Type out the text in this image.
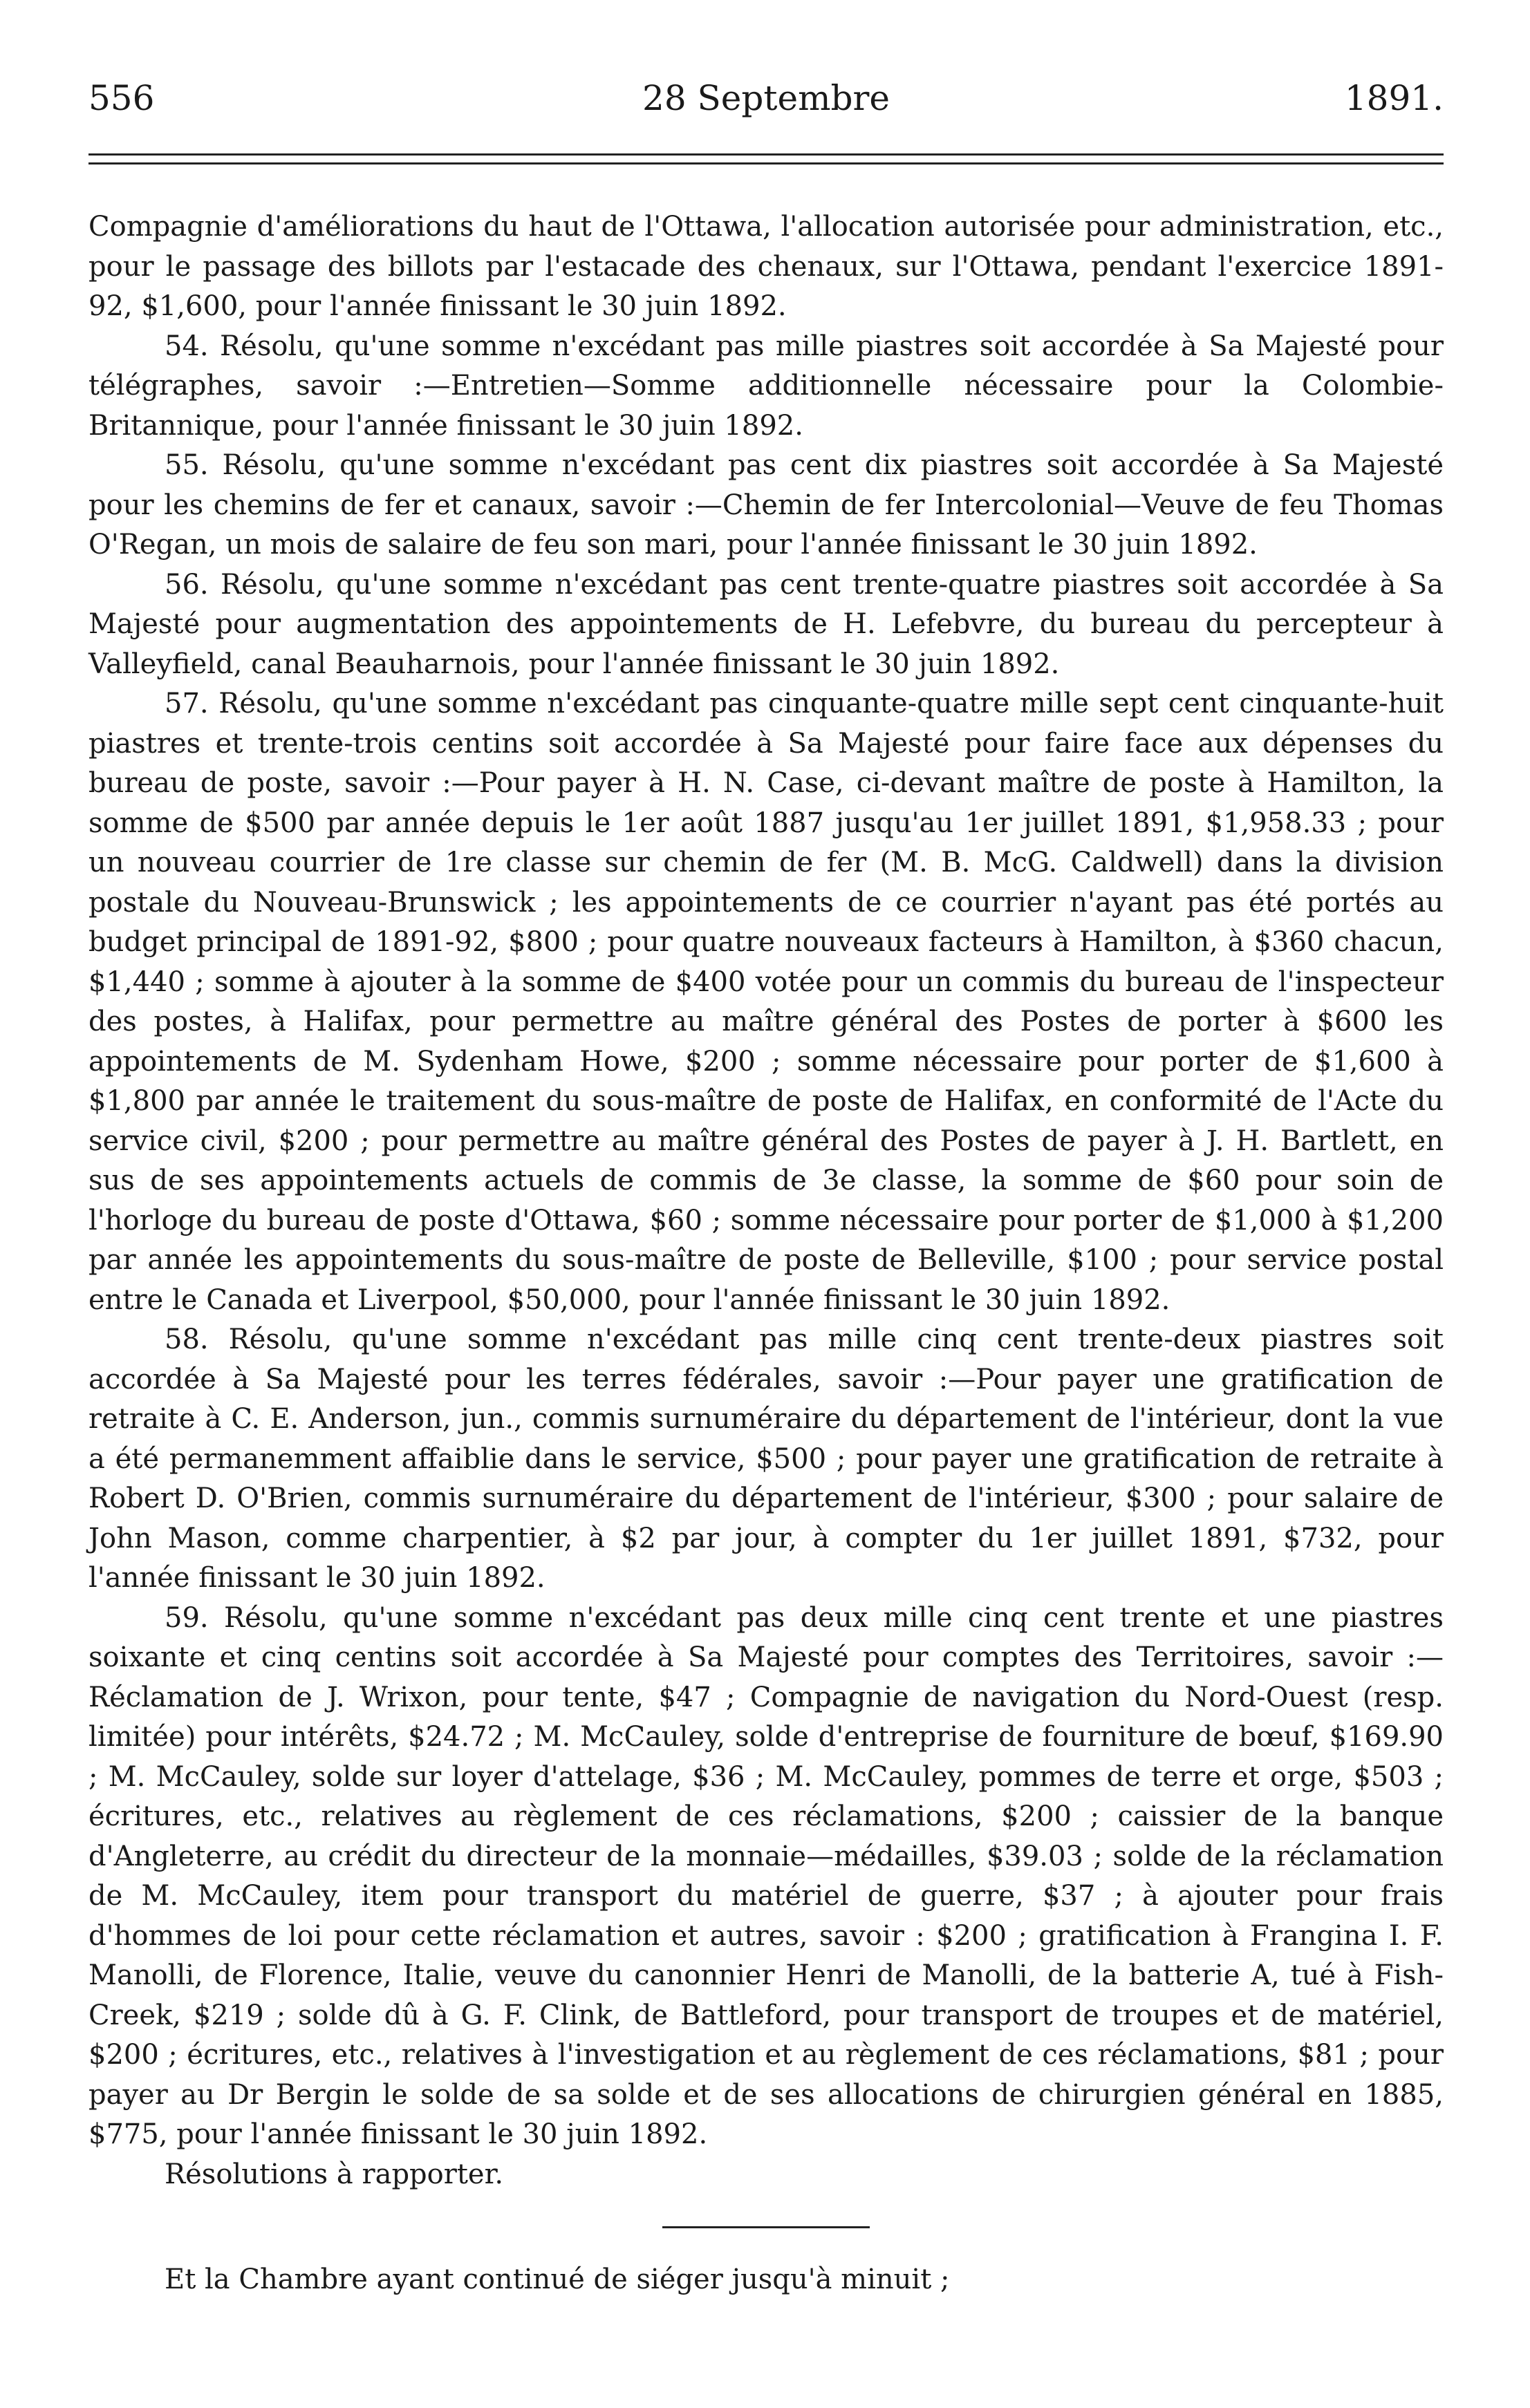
556	28 Septembre	1891.

Compagnie d'améliorations du haut de l'Ottawa, l'allocation autorisée pour administration, etc., pour le passage des billots par l'estacade des chenaux, sur l'Ottawa, pendant l'exercice 1891-92, $1,600, pour l'année finissant le 30 juin 1892.

54. Résolu, qu'une somme n'excédant pas mille piastres soit accordée à Sa Majesté pour télégraphes, savoir :—Entretien—Somme additionnelle nécessaire pour la Colombie-Britannique, pour l'année finissant le 30 juin 1892.

55. Résolu, qu'une somme n'excédant pas cent dix piastres soit accordée à Sa Majesté pour les chemins de fer et canaux, savoir :—Chemin de fer Intercolonial—Veuve de feu Thomas O'Regan, un mois de salaire de feu son mari, pour l'année finissant le 30 juin 1892.

56. Résolu, qu'une somme n'excédant pas cent trente-quatre piastres soit accordée à Sa Majesté pour augmentation des appointements de H. Lefebvre, du bureau du percepteur à Valleyfield, canal Beauharnois, pour l'année finissant le 30 juin 1892.

57. Résolu, qu'une somme n'excédant pas cinquante-quatre mille sept cent cinquante-huit piastres et trente-trois centins soit accordée à Sa Majesté pour faire face aux dépenses du bureau de poste, savoir :—Pour payer à H. N. Case, ci-devant maître de poste à Hamilton, la somme de $500 par année depuis le 1er août 1887 jusqu'au 1er juillet 1891, $1,958.33 ; pour un nouveau courrier de 1re classe sur chemin de fer (M. B. McG. Caldwell) dans la division postale du Nouveau-Brunswick ; les appointements de ce courrier n'ayant pas été portés au budget principal de 1891-92, $800 ; pour quatre nouveaux facteurs à Hamilton, à $360 chacun, $1,440 ; somme à ajouter à la somme de $400 votée pour un commis du bureau de l'inspecteur des postes, à Halifax, pour permettre au maître général des Postes de porter à $600 les appointements de M. Sydenham Howe, $200 ; somme nécessaire pour porter de $1,600 à $1,800 par année le traitement du sous-maître de poste de Halifax, en conformité de l'Acte du service civil, $200 ; pour permettre au maître général des Postes de payer à J. H. Bartlett, en sus de ses appointements actuels de commis de 3e classe, la somme de $60 pour soin de l'horloge du bureau de poste d'Ottawa, $60 ; somme nécessaire pour porter de $1,000 à $1,200 par année les appointements du sous-maître de poste de Belleville, $100 ; pour service postal entre le Canada et Liverpool, $50,000, pour l'année finissant le 30 juin 1892.

58. Résolu, qu'une somme n'excédant pas mille cinq cent trente-deux piastres soit accordée à Sa Majesté pour les terres fédérales, savoir :—Pour payer une gratification de retraite à C. E. Anderson, jun., commis surnuméraire du département de l'intérieur, dont la vue a été permanemment affaiblie dans le service, $500 ; pour payer une gratification de retraite à Robert D. O'Brien, commis surnuméraire du département de l'intérieur, $300 ; pour salaire de John Mason, comme charpentier, à $2 par jour, à compter du 1er juillet 1891, $732, pour l'année finissant le 30 juin 1892.

59. Résolu, qu'une somme n'excédant pas deux mille cinq cent trente et une piastres soixante et cinq centins soit accordée à Sa Majesté pour comptes des Territoires, savoir :—Réclamation de J. Wrixon, pour tente, $47 ; Compagnie de navigation du Nord-Ouest (resp. limitée) pour intérêts, $24.72 ; M. McCauley, solde d'entreprise de fourniture de bœuf, $169.90 ; M. McCauley, solde sur loyer d'attelage, $36 ; M. McCauley, pommes de terre et orge, $503 ; écritures, etc., relatives au règlement de ces réclamations, $200 ; caissier de la banque d'Angleterre, au crédit du directeur de la monnaie—médailles, $39.03 ; solde de la réclamation de M. McCauley, item pour transport du matériel de guerre, $37 ; à ajouter pour frais d'hommes de loi pour cette réclamation et autres, savoir : $200 ; gratification à Frangina I. F. Manolli, de Florence, Italie, veuve du canonnier Henri de Manolli, de la batterie A, tué à Fish-Creek, $219 ; solde dû à G. F. Clink, de Battleford, pour transport de troupes et de matériel, $200 ; écritures, etc., relatives à l'investigation et au règlement de ces réclamations, $81 ; pour payer au Dr Bergin le solde de sa solde et de ses allocations de chirurgien général en 1885, $775, pour l'année finissant le 30 juin 1892.

Résolutions à rapporter.

Et la Chambre ayant continué de siéger jusqu'à minuit ;
